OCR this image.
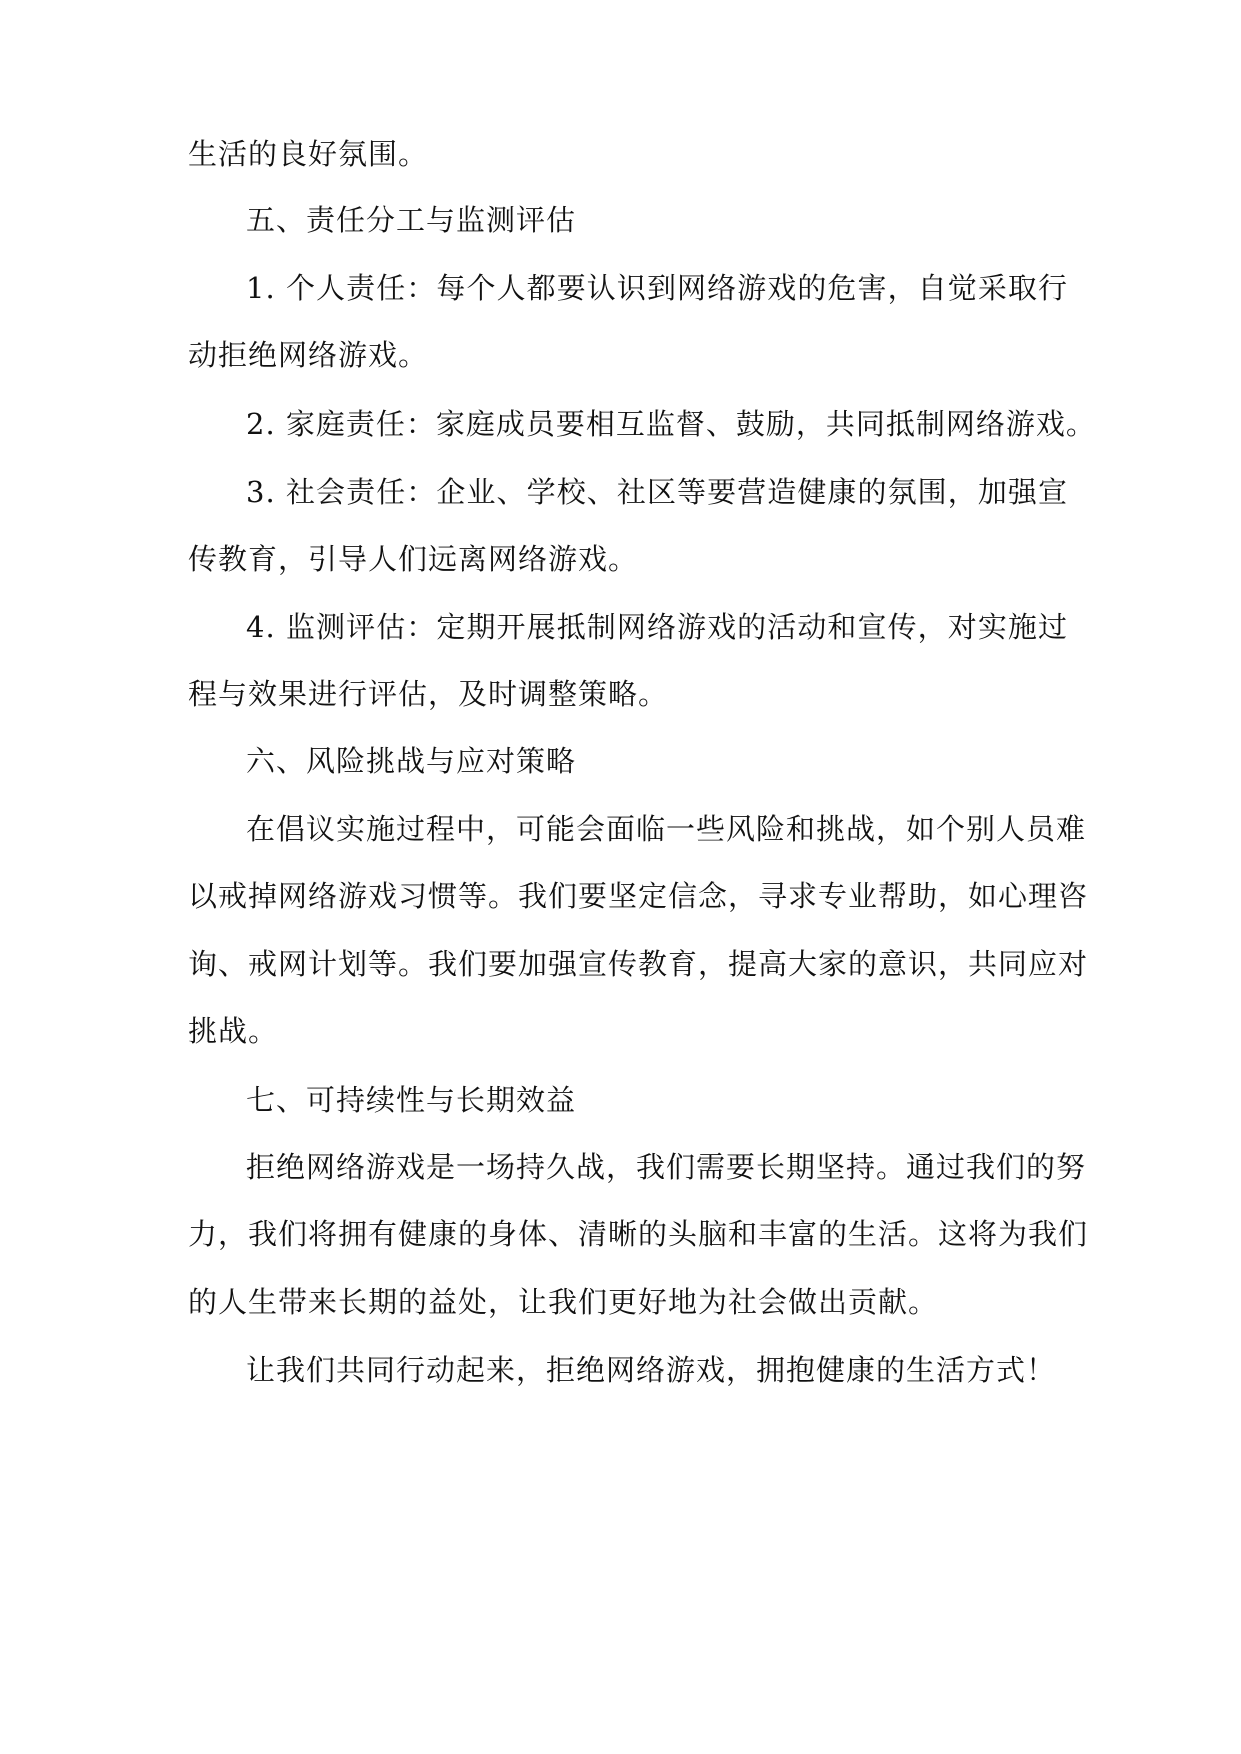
生活的良好氛围。
五、责任分工与监测评估
1. 个人责任：每个人都要认识到网络游戏的危害，自觉采取行
动拒绝网络游戏。
2. 家庭责任：家庭成员要相互监督、鼓励，共同抵制网络游戏。
3. 社会责任：企业、学校、社区等要营造健康的氛围，加强宣
传教育，引导人们远离网络游戏。
4. 监测评估：定期开展抵制网络游戏的活动和宣传，对实施过
程与效果进行评估，及时调整策略。
六、风险挑战与应对策略
在倡议实施过程中，可能会面临一些风险和挑战，如个别人员难
以戒掉网络游戏习惯等。我们要坚定信念，寻求专业帮助，如心理咨
询、戒网计划等。我们要加强宣传教育，提高大家的意识，共同应对
挑战。
七、可持续性与长期效益
拒绝网络游戏是一场持久战，我们需要长期坚持。通过我们的努
力，我们将拥有健康的身体、清晰的头脑和丰富的生活。这将为我们
的人生带来长期的益处，让我们更好地为社会做出贡献。
让我们共同行动起来，拒绝网络游戏，拥抱健康的生活方式！
